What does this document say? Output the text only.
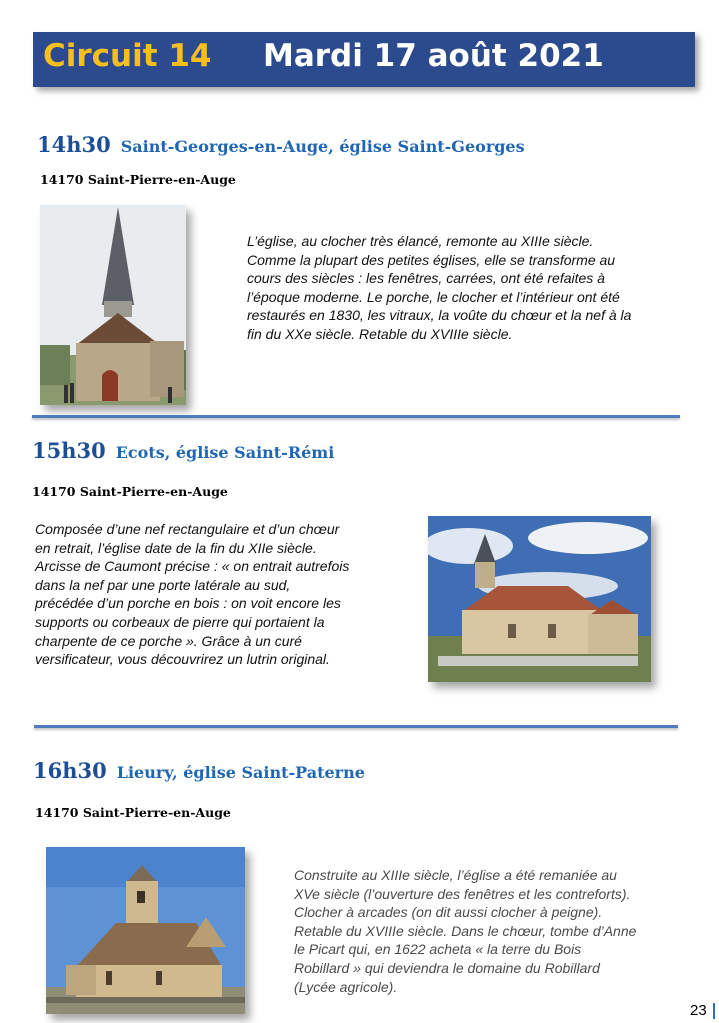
Circuit 14 Mardi 17 août 2021
14h30 Saint-Georges-en-Auge, église Saint-Georges
14170 Saint-Pierre-en-Auge
L’église, au clocher très élancé, remonte au XIIIe siècle.
Comme la plupart des petites églises, elle se transforme au
cours des siècles : les fenêtres, carrées, ont été refaites à
l’époque moderne. Le porche, le clocher et l’intérieur ont été
restaurés en 1830, les vitraux, la voûte du chœur et la nef à la
fin du XXe siècle. Retable du XVIIIe siècle.
15h30 Ecots, église Saint-Rémi
14170 Saint-Pierre-en-Auge
Composée d’une nef rectangulaire et d’un chœur
en retrait, l’église date de la fin du XIIe siècle.
Arcisse de Caumont précise : « on entrait autrefois
dans la nef par une porte latérale au sud,
précédée d’un porche en bois : on voit encore les
supports ou corbeaux de pierre qui portaient la
charpente de ce porche ». Grâce à un curé
versificateur, vous découvrirez un lutrin original.
16h30 Lieury, église Saint-Paterne
14170 Saint-Pierre-en-Auge
Construite au XIIIe siècle, l’église a été remaniée au
XVe siècle (l’ouverture des fenêtres et les contreforts).
Clocher à arcades (on dit aussi clocher à peigne).
Retable du XVIIIe siècle. Dans le chœur, tombe d’Anne
le Picart qui, en 1622 acheta « la terre du Bois
Robillard » qui deviendra le domaine du Robillard
(Lycée agricole).
23
